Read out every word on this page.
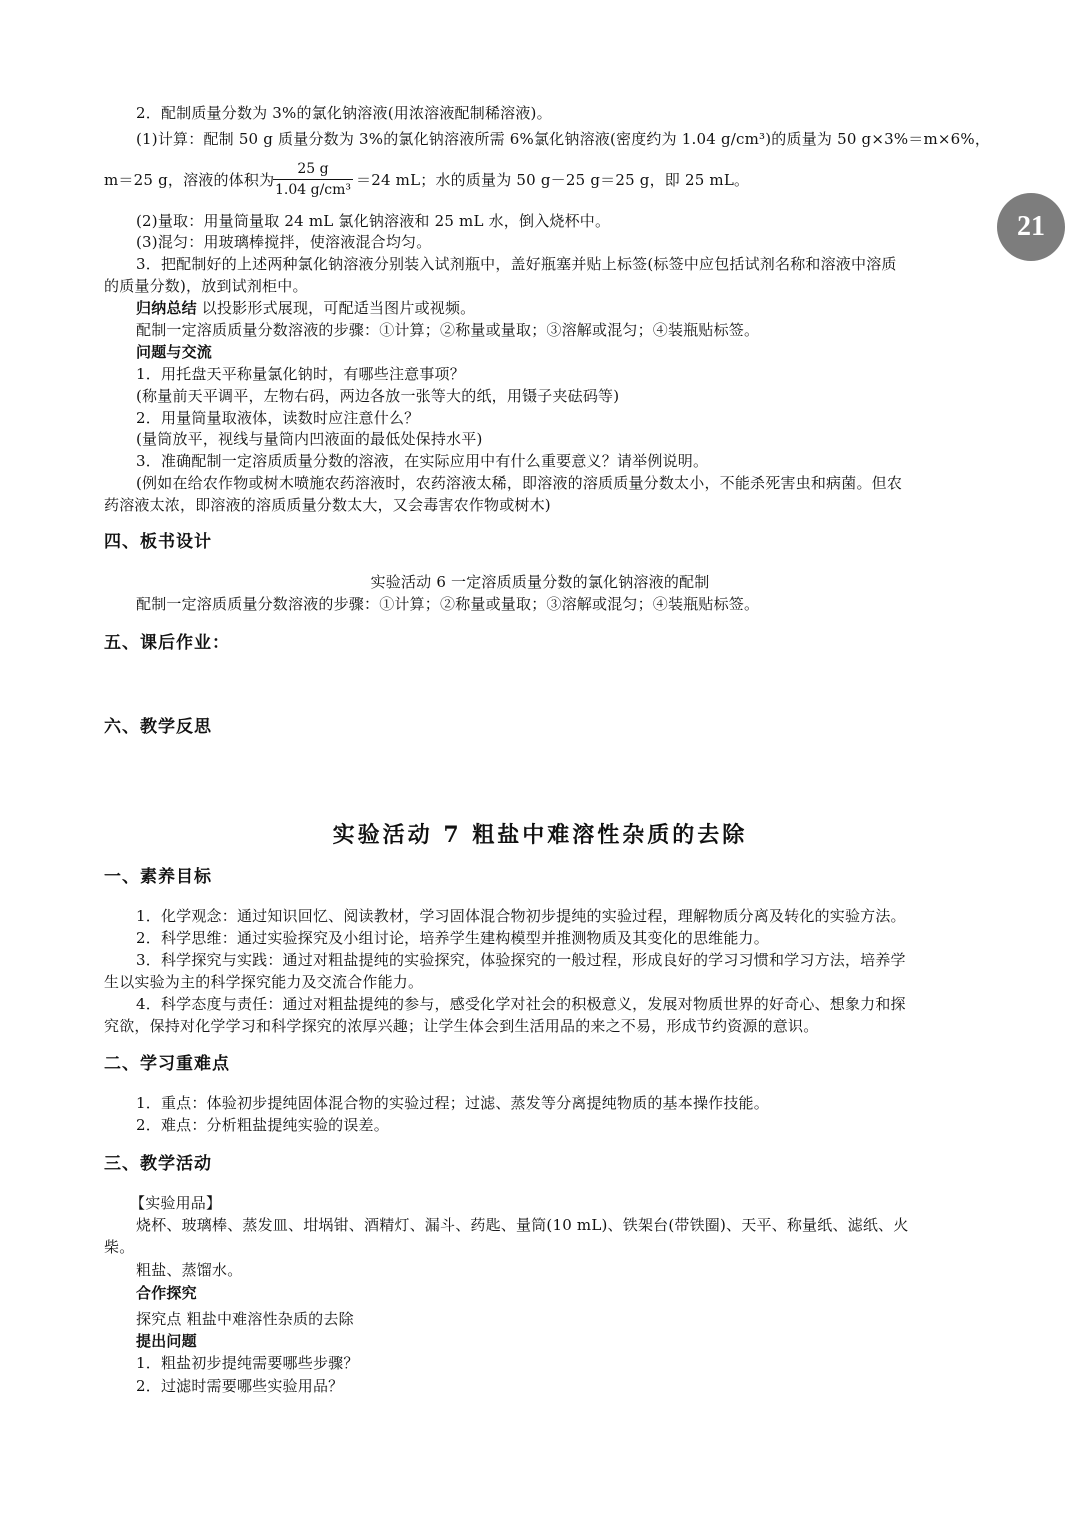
21
2．配制质量分数为 3%的氯化钠溶液(用浓溶液配制稀溶液)。
(1)计算：配制 50 g 质量分数为 3%的氯化钠溶液所需 6%氯化钠溶液(密度约为 1.04 g/cm³)的质量为 50 g×3%＝m×6%，
m＝25 g，溶液的体积为
$\frac{25 g}{\text{1.04 g/cm³}} =24$ mL；水的质量为 50 g－25 g＝25 g，即 25 mL。
(2)量取：用量筒量取 24 mL 氯化钠溶液和 25 mL 水，倒入烧杯中。
(3)混匀：用玻璃棒搅拌，使溶液混合均匀。
3．把配制好的上述两种氯化钠溶液分别装入试剂瓶中，盖好瓶塞并贴上标签(标签中应包括试剂名称和溶液中溶质
的质量分数)，放到试剂柜中。
归纳总结 以投影形式展现，可配适当图片或视频。
配制一定溶质质量分数溶液的步骤：①计算；②称量或量取；③溶解或混匀；④装瓶贴标签。
问题与交流
1．用托盘天平称量氯化钠时，有哪些注意事项？
(称量前天平调平，左物右码，两边各放一张等大的纸，用镊子夹砝码等)
2．用量筒量取液体，读数时应注意什么？
(量筒放平，视线与量筒内凹液面的最低处保持水平)
3．准确配制一定溶质质量分数的溶液，在实际应用中有什么重要意义？请举例说明。
(例如在给农作物或树木喷施农药溶液时，农药溶液太稀，即溶液的溶质质量分数太小，不能杀死害虫和病菌。但农
药溶液太浓，即溶液的溶质质量分数太大，又会毒害农作物或树木)
四、板书设计
实验活动 6 一定溶质质量分数的氯化钠溶液的配制
配制一定溶质质量分数溶液的步骤：①计算；②称量或量取；③溶解或混匀；④装瓶贴标签。
五、课后作业：
六、教学反思
实验活动 7 粗盐中难溶性杂质的去除
一、素养目标
1．化学观念：通过知识回忆、阅读教材，学习固体混合物初步提纯的实验过程，理解物质分离及转化的实验方法。
2．科学思维：通过实验探究及小组讨论，培养学生建构模型并推测物质及其变化的思维能力。
3．科学探究与实践：通过对粗盐提纯的实验探究，体验探究的一般过程，形成良好的学习习惯和学习方法，培养学
生以实验为主的科学探究能力及交流合作能力。
4．科学态度与责任：通过对粗盐提纯的参与，感受化学对社会的积极意义，发展对物质世界的好奇心、想象力和探
究欲，保持对化学学习和科学探究的浓厚兴趣；让学生体会到生活用品的来之不易，形成节约资源的意识。
二、学习重难点
1．重点：体验初步提纯固体混合物的实验过程；过滤、蒸发等分离提纯物质的基本操作技能。
2．难点：分析粗盐提纯实验的误差。
三、教学活动
【实验用品】
烧杯、玻璃棒、蒸发皿、坩埚钳、酒精灯、漏斗、药匙、量筒(10 mL)、铁架台(带铁圈)、天平、称量纸、滤纸、火
柴。
粗盐、蒸馏水。
合作探究
探究点 粗盐中难溶性杂质的去除
提出问题
1．粗盐初步提纯需要哪些步骤？
2．过滤时需要哪些实验用品？
